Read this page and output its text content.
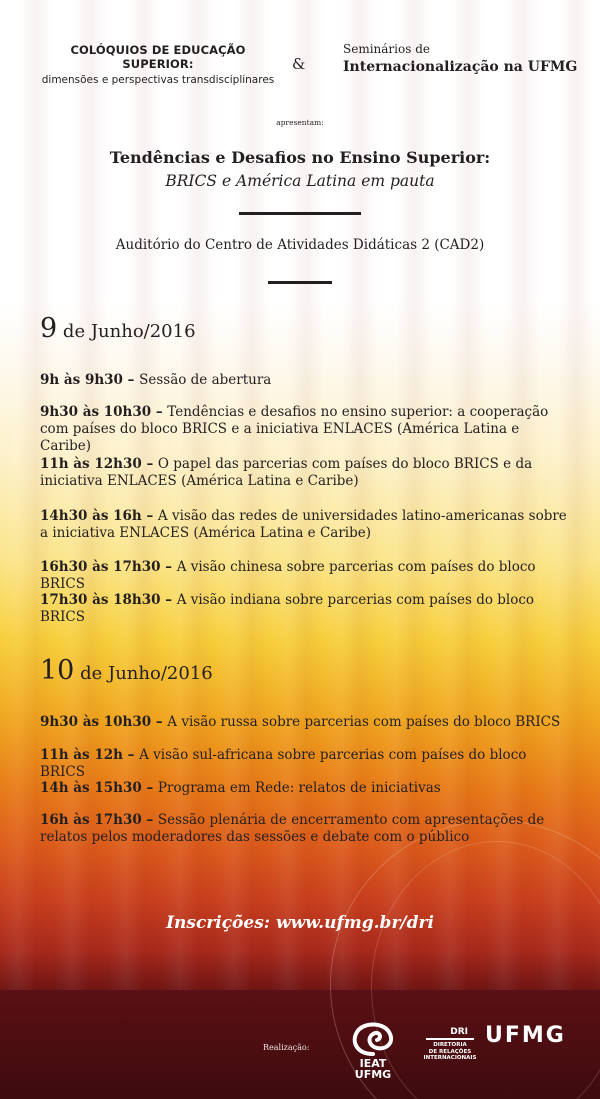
COLÓQUIOS DE EDUCAÇÃO SUPERIOR:
dimensões e perspectivas transdisciplinares
&
Seminários de
Internacionalização na UFMG
apresentam:
Tendências e Desafios no Ensino Superior:
BRICS e América Latina em pauta
Auditório do Centro de Atividades Didáticas 2 (CAD2)
9 de Junho/2016
9h às 9h30 – Sessão de abertura
9h30 às 10h30 – Tendências e desafios no ensino superior: a cooperação com países do bloco BRICS e a iniciativa ENLACES (América Latina e Caribe)
11h às 12h30 – O papel das parcerias com países do bloco BRICS e da iniciativa ENLACES (América Latina e Caribe)
14h30 às 16h – A visão das redes de universidades latino-americanas sobre a iniciativa ENLACES (América Latina e Caribe)
16h30 às 17h30 – A visão chinesa sobre parcerias com países do bloco BRICS
17h30 às 18h30 – A visão indiana sobre parcerias com países do bloco BRICS
10 de Junho/2016
9h30 às 10h30 – A visão russa sobre parcerias com países do bloco BRICS
11h às 12h – A visão sul-africana sobre parcerias com países do bloco BRICS
14h às 15h30 – Programa em Rede: relatos de iniciativas
16h às 17h30 – Sessão plenária de encerramento com apresentações de relatos pelos moderadores das sessões e debate com o público
Inscrições: www.ufmg.br/dri
Realização:
IEAT
UFMG
DRI
DIRETORIA
DE RELAÇÕES
INTERNACIONAIS
UFMG
